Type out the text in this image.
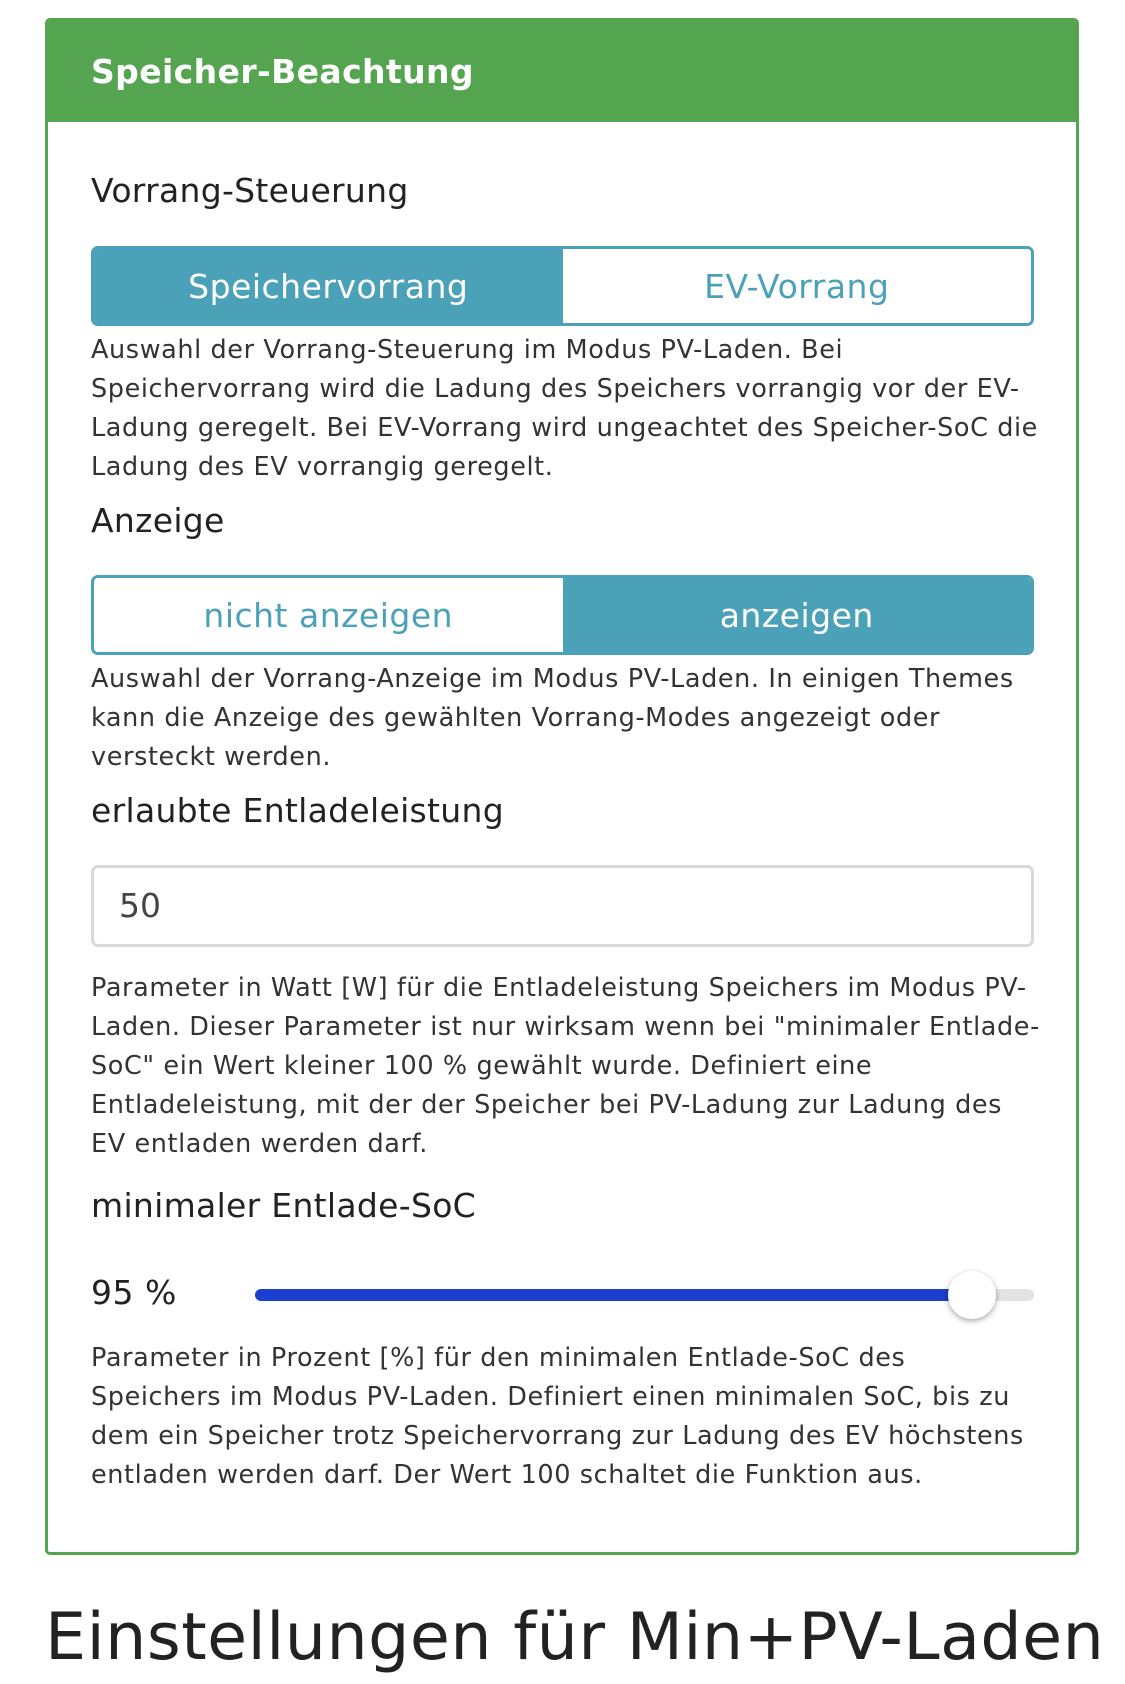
Speicher-Beachtung
Vorrang-Steuerung
Speichervorrang	EV-Vorrang
Auswahl der Vorrang-Steuerung im Modus PV-Laden. Bei Speichervorrang wird die Ladung des Speichers vorrangig vor der EV-Ladung geregelt. Bei EV-Vorrang wird ungeachtet des Speicher-SoC die Ladung des EV vorrangig geregelt.
Anzeige
nicht anzeigen	anzeigen
Auswahl der Vorrang-Anzeige im Modus PV-Laden. In einigen Themes kann die Anzeige des gewählten Vorrang-Modes angezeigt oder versteckt werden.
erlaubte Entladeleistung
50
Parameter in Watt [W] für die Entladeleistung Speichers im Modus PV-Laden. Dieser Parameter ist nur wirksam wenn bei "minimaler Entlade-SoC" ein Wert kleiner 100 % gewählt wurde. Definiert eine Entladeleistung, mit der der Speicher bei PV-Ladung zur Ladung des EV entladen werden darf.
minimaler Entlade-SoC
95 %
Parameter in Prozent [%] für den minimalen Entlade-SoC des Speichers im Modus PV-Laden. Definiert einen minimalen SoC, bis zu dem ein Speicher trotz Speichervorrang zur Ladung des EV höchstens entladen werden darf. Der Wert 100 schaltet die Funktion aus.
Einstellungen für Min+PV-Laden
